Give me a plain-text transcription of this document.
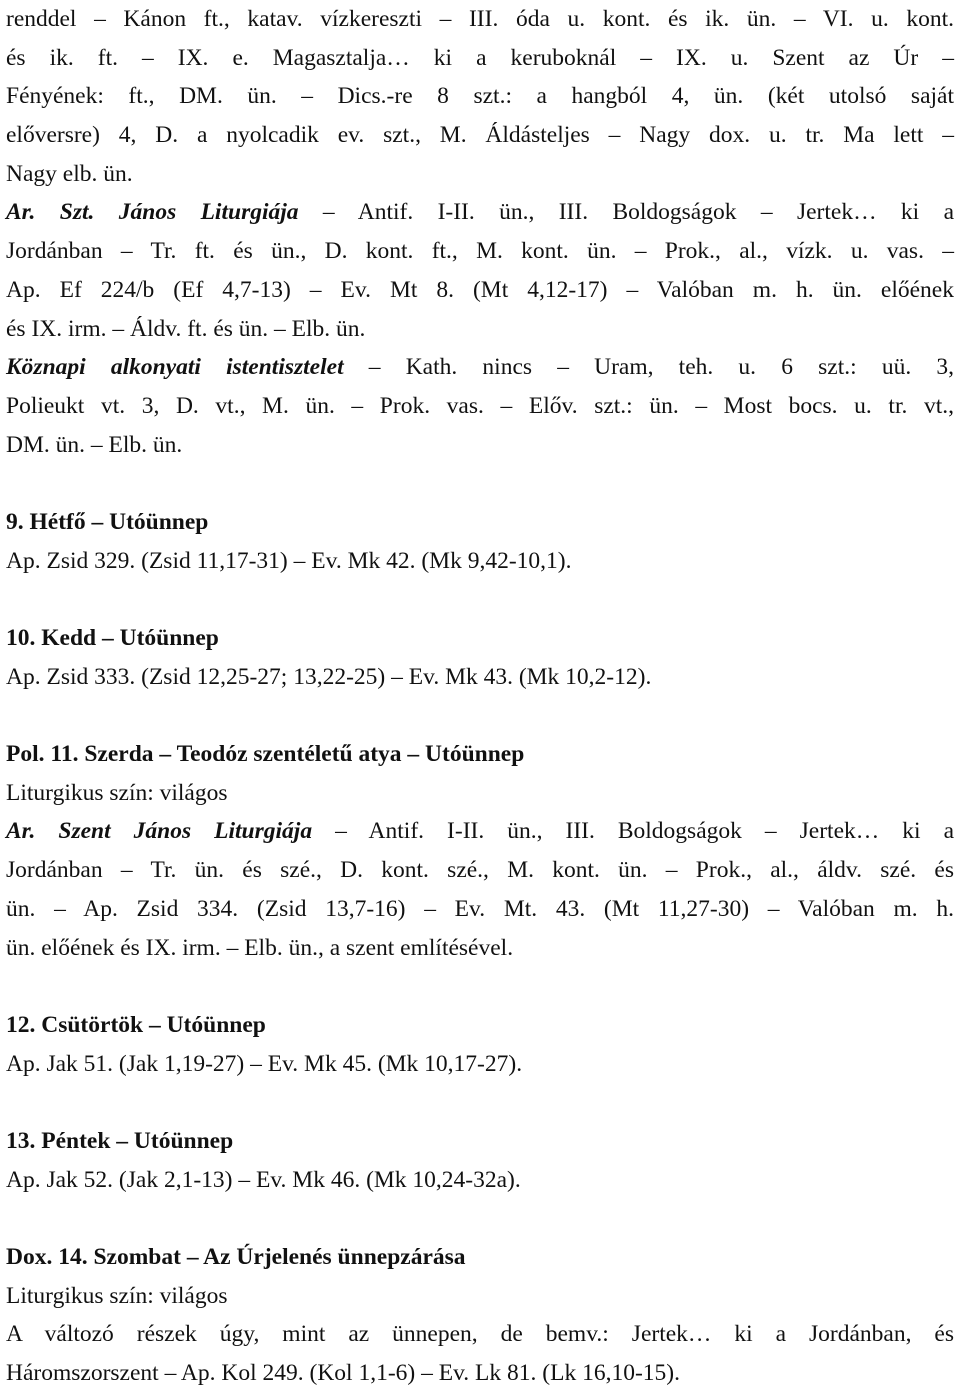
renddel – Kánon ft., katav. vízkereszti – III. óda u. kont. és ik. ün. – VI. u. kont.
és ik. ft. – IX. e. Magasztalja… ki a kerubоknál – IX. u. Szent az Úr –
Fényének: ft., DM. ün. – Dics.-re 8 szt.: a hangból 4, ün. (két utolsó saját
elővеrsre) 4, D. a nyolcadik ev. szt., M. Áldásteljes – Nagy dox. u. tr. Ma lett –
Nagy elb. ün.
Ar. Szt. János Liturgiája – Antif. I-II. ün., III. Boldogságok – Jertek… ki a
Jordánban – Tr. ft. és ün., D. kont. ft., M. kont. ün. – Prok., al., vízk. u. vas. –
Ap. Ef 224/b (Ef 4,7-13) – Ev. Mt 8. (Mt 4,12-17) – Valóban m. h. ün. előének
és IX. irm. – Áldv. ft. és ün. – Elb. ün.
Köznapi alkonyati istentisztelet – Kath. nincs – Uram, teh. u. 6 szt.: uü. 3,
Polieukt vt. 3, D. vt., M. ün. – Prok. vas. – Előv. szt.: ün. – Most bocs. u. tr. vt.,
DM. ün. – Elb. ün.
9. Hétfő – Utóünnep
Ap. Zsid 329. (Zsid 11,17-31) – Ev. Mk 42. (Mk 9,42-10,1).
10. Kedd – Utóünnep
Ap. Zsid 333. (Zsid 12,25-27; 13,22-25) – Ev. Mk 43. (Mk 10,2-12).
Pol. 11. Szerda – Teodóz szentéletű atya – Utóünnep
Liturgikus szín: világos
Ar. Szent János Liturgiája – Antif. I-II. ün., III. Boldogságok – Jertek… ki a
Jordánban – Tr. ün. és szé., D. kont. szé., M. kont. ün. – Prok., al., áldv. szé. és
ün. – Ap. Zsid 334. (Zsid 13,7-16) – Ev. Mt. 43. (Mt 11,27-30) – Valóban m. h.
ün. előének és IX. irm. – Elb. ün., a szent említésével.
12. Csütörtök – Utóünnep
Ap. Jak 51. (Jak 1,19-27) – Ev. Mk 45. (Mk 10,17-27).
13. Péntek – Utóünnep
Ap. Jak 52. (Jak 2,1-13) – Ev. Mk 46. (Mk 10,24-32a).
Dox. 14. Szombat – Az Úrjelenés ünnepzárása
Liturgikus szín: világos
A változó részek úgy, mint az ünnepen, de bemv.: Jertek… ki a Jordánban, és
Háromszorszent – Ap. Kol 249. (Kol 1,1-6) – Ev. Lk 81. (Lk 16,10-15).
